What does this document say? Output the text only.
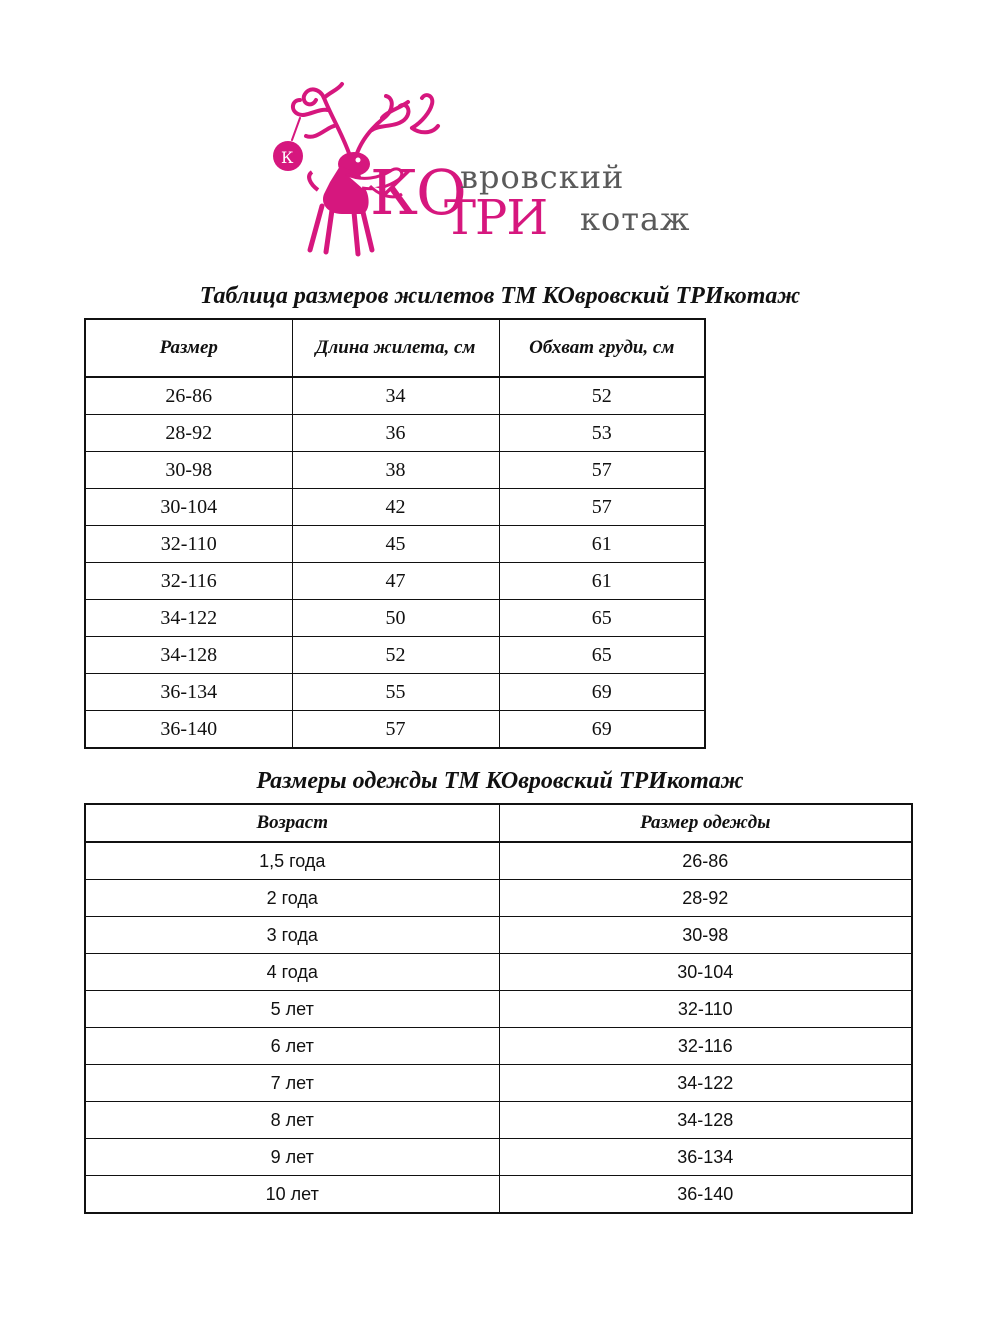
К КО
вровский
ТРИ котаж
Таблица размеров жилетов ТМ КОвровский ТРИкотаж
Размер	Длина жилета, см	Обхват груди, см
26-86	34	52
28-92	36	53
30-98	38	57
30-104	42	57
32-110	45	61
32-116	47	61
34-122	50	65
34-128	52	65
36-134	55	69
36-140	57	69
Размеры одежды ТМ КОвровский ТРИкотаж
Возраст	Размер одежды
1,5 года	26-86
2 года	28-92
3 года	30-98
4 года	30-104
5 лет	32-110
6 лет	32-116
7 лет	34-122
8 лет	34-128
9 лет	36-134
10 лет	36-140
